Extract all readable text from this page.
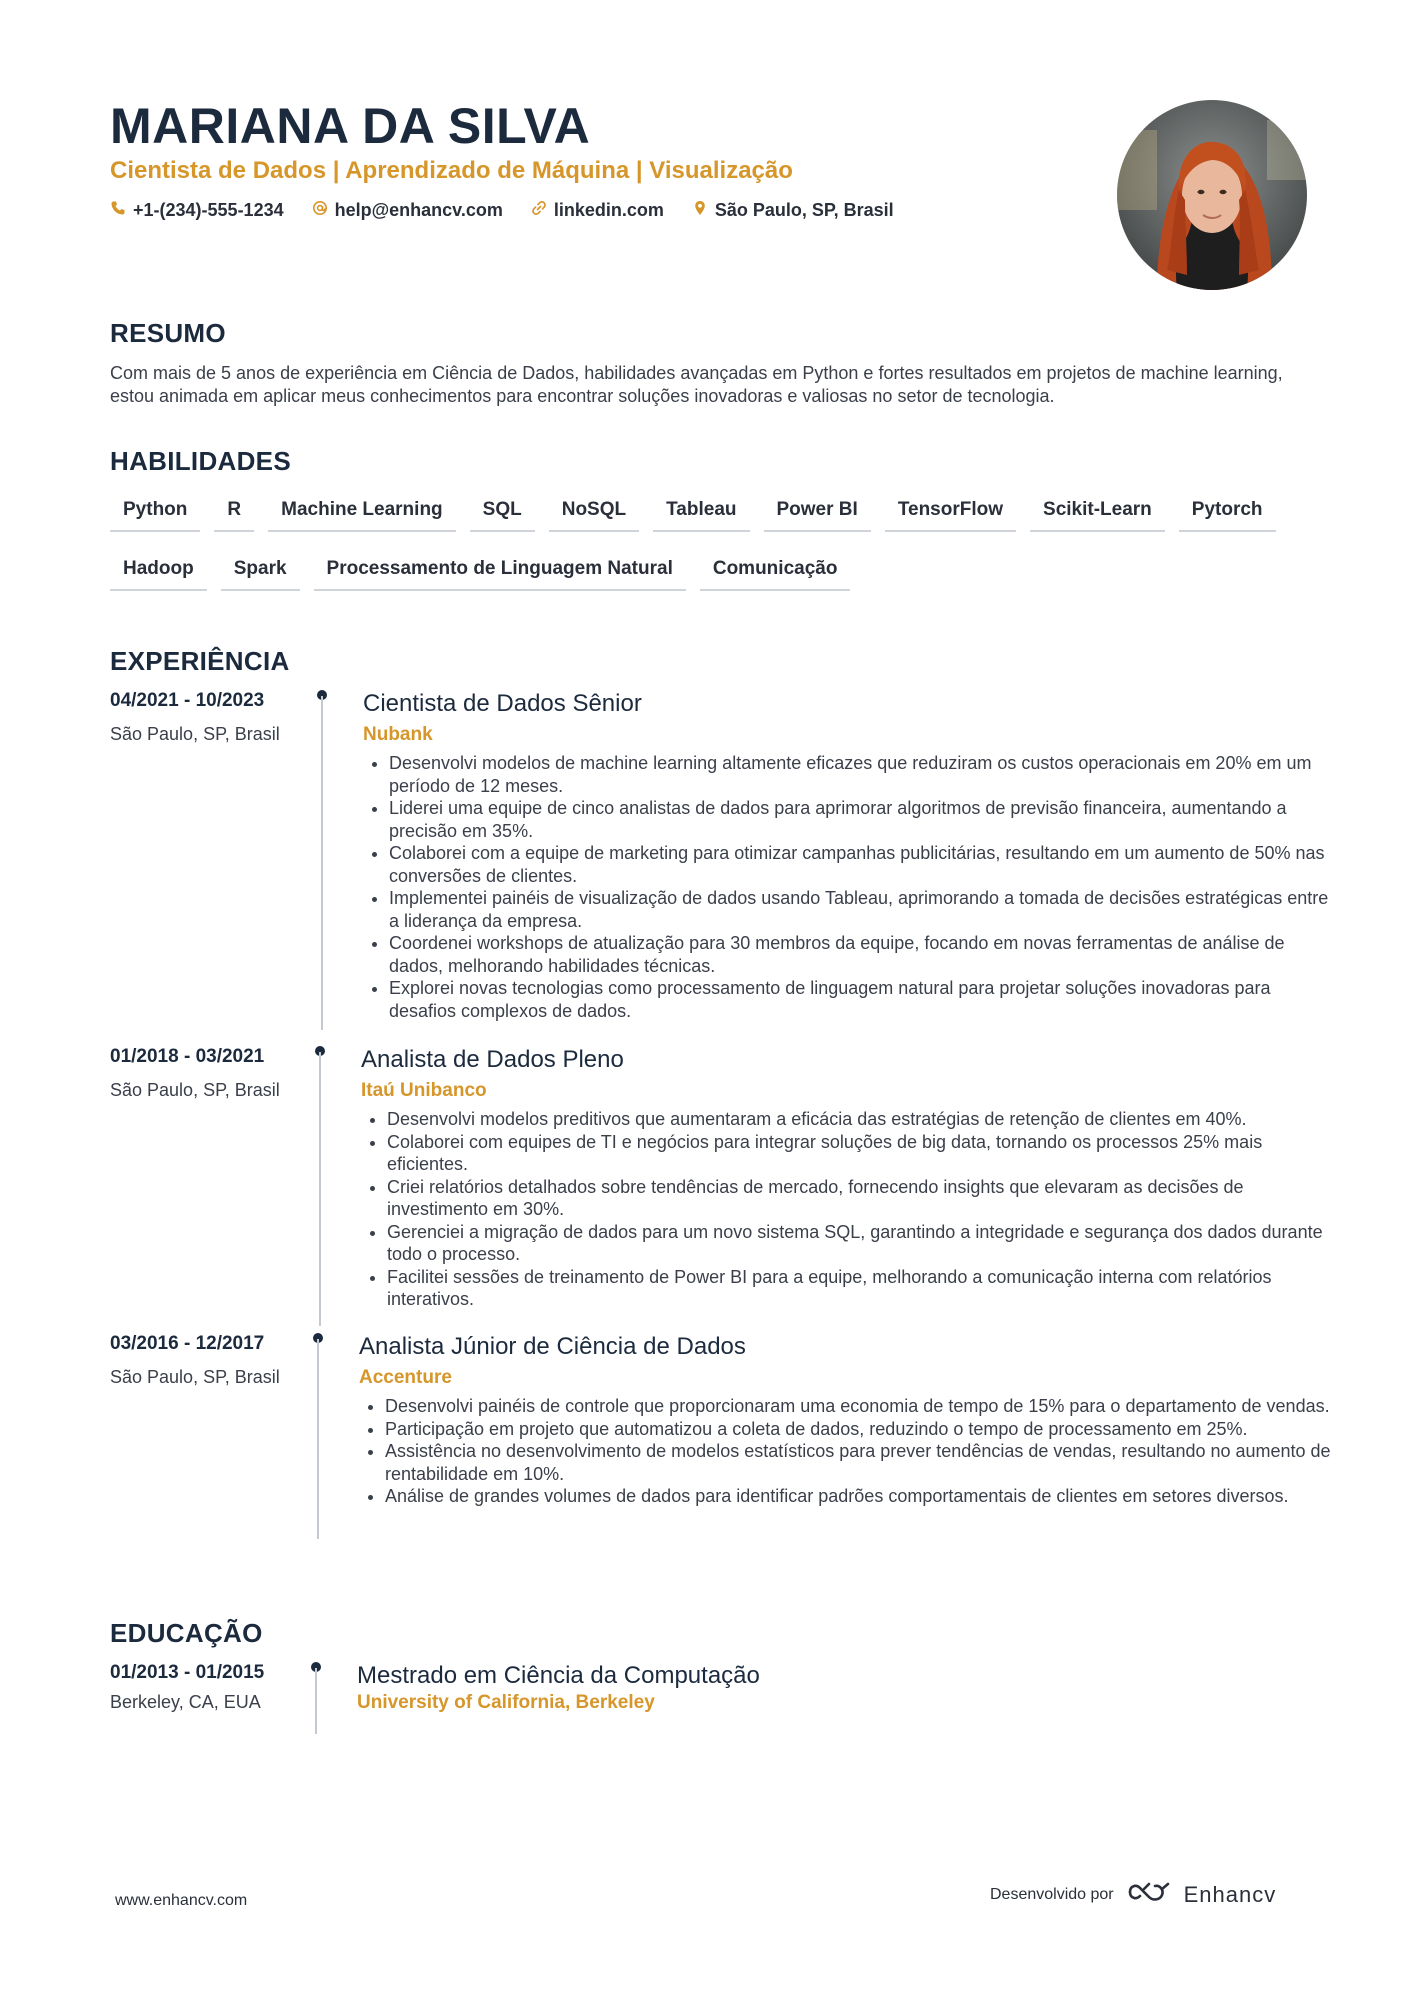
MARIANA DA SILVA
Cientista de Dados | Aprendizado de Máquina | Visualização
+1-(234)-555-1234	help@enhancv.com	linkedin.com	São Paulo, SP, Brasil
RESUMO

Com mais de 5 anos de experiência em Ciência de Dados, habilidades avançadas em Python e fortes resultados em projetos de machine learning, estou animada em aplicar meus conhecimentos para encontrar soluções inovadoras e valiosas no setor de tecnologia.

HABILIDADES
Python	R	Machine Learning	SQL	NoSQL	Tableau	Power BI	TensorFlow	Scikit-Learn	Pytorch
Hadoop	Spark	Processamento de Linguagem Natural	Comunicação
EXPERIÊNCIA
04/2021 - 10/2023
São Paulo, SP, Brasil
Cientista de Dados Sênior
Nubank
• Desenvolvi modelos de machine learning altamente eficazes que reduziram os custos operacionais em 20% em um período de 12 meses.
• Liderei uma equipe de cinco analistas de dados para aprimorar algoritmos de previsão financeira, aumentando a precisão em 35%.
• Colaborei com a equipe de marketing para otimizar campanhas publicitárias, resultando em um aumento de 50% nas conversões de clientes.
• Implementei painéis de visualização de dados usando Tableau, aprimorando a tomada de decisões estratégicas entre a liderança da empresa.
• Coordenei workshops de atualização para 30 membros da equipe, focando em novas ferramentas de análise de dados, melhorando habilidades técnicas.
• Explorei novas tecnologias como processamento de linguagem natural para projetar soluções inovadoras para desafios complexos de dados.
01/2018 - 03/2021
São Paulo, SP, Brasil
Analista de Dados Pleno
Itaú Unibanco
• Desenvolvi modelos preditivos que aumentaram a eficácia das estratégias de retenção de clientes em 40%.
• Colaborei com equipes de TI e negócios para integrar soluções de big data, tornando os processos 25% mais eficientes.
• Criei relatórios detalhados sobre tendências de mercado, fornecendo insights que elevaram as decisões de investimento em 30%.
• Gerenciei a migração de dados para um novo sistema SQL, garantindo a integridade e segurança dos dados durante todo o processo.
• Facilitei sessões de treinamento de Power BI para a equipe, melhorando a comunicação interna com relatórios interativos.
03/2016 - 12/2017
São Paulo, SP, Brasil
Analista Júnior de Ciência de Dados
Accenture
• Desenvolvi painéis de controle que proporcionaram uma economia de tempo de 15% para o departamento de vendas.
• Participação em projeto que automatizou a coleta de dados, reduzindo o tempo de processamento em 25%.
• Assistência no desenvolvimento de modelos estatísticos para prever tendências de vendas, resultando no aumento de rentabilidade em 10%.
• Análise de grandes volumes de dados para identificar padrões comportamentais de clientes em setores diversos.
EDUCAÇÃO
01/2013 - 01/2015
Berkeley, CA, EUA
Mestrado em Ciência da Computação
University of California, Berkeley
www.enhancv.com	Desenvolvido por	Enhancv
